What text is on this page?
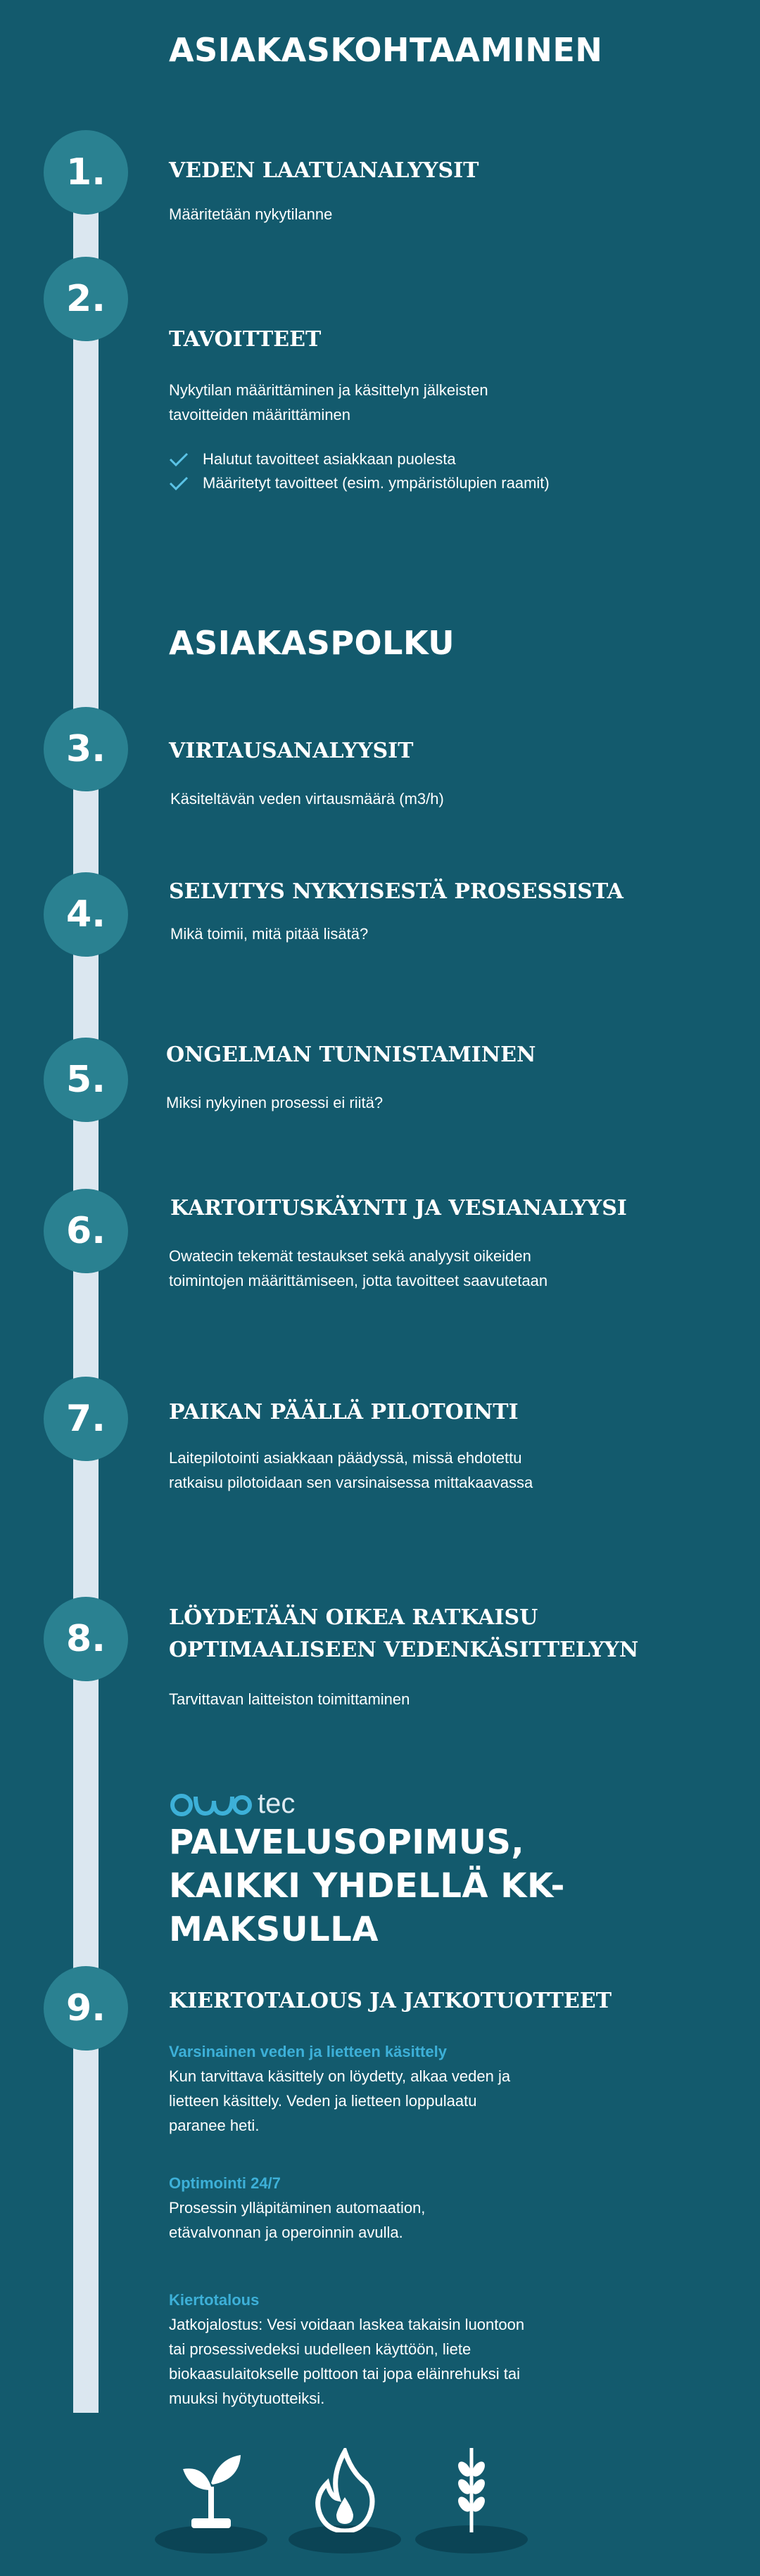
ASIAKASKOHTAAMINEN
1.	VEDEN LAATUANALYYSIT

Määritetään nykytilanne

2.
TAVOITTEET

Nykytilan määrittäminen ja käsittelyn jälkeisten tavoitteiden määrittäminen

Halutut tavoitteet asiakkaan puolesta
Määritetyt tavoitteet (esim. ympäristölupien raamit)
ASIAKASPOLKU
3.	VIRTAUSANALYYSIT

Käsiteltävän veden virtausmäärä (m3/h)

4.
SELVITYS NYKYISESTÄ PROSESSISTA

Mikä toimii, mitä pitää lisätä?

5.
ONGELMAN TUNNISTAMINEN

Miksi nykyinen prosessi ei riitä?

6.
KARTOITUSKÄYNTI JA VESIANALYYSI

Owatecin tekemät testaukset sekä analyysit oikeiden toimintojen määrittämiseen, jotta tavoitteet saavutetaan

7.	PAIKAN PÄÄLLÄ PILOTOINTI

Laitepilotointi asiakkaan päädyssä, missä ehdotettu ratkaisu pilotoidaan sen varsinaisessa mittakaavassa

8.
LÖYDETÄÄN OIKEA RATKAISU OPTIMAALISEEN VEDENKÄSITTELYYN

Tarvittavan laitteiston toimittaminen

tec
PALVELUSOPIMUS, KAIKKI YHDELLÄ KK-MAKSULLA
9.	KIERTOTALOUS JA JATKOTUOTTEET

Varsinainen veden ja lietteen käsittely

Kun tarvittava käsittely on löydetty, alkaa veden ja lietteen käsittely. Veden ja lietteen loppulaatu paranee heti.

Optimointi 24/7

Prosessin ylläpitäminen automaation, etävalvonnan ja operoinnin avulla.

Kiertotalous

Jatkojalostus: Vesi voidaan laskea takaisin luontoon tai prosessivedeksi uudelleen käyttöön, liete biokaasulaitokselle polttoon tai jopa eläinrehuksi tai muuksi hyötytuotteiksi.
